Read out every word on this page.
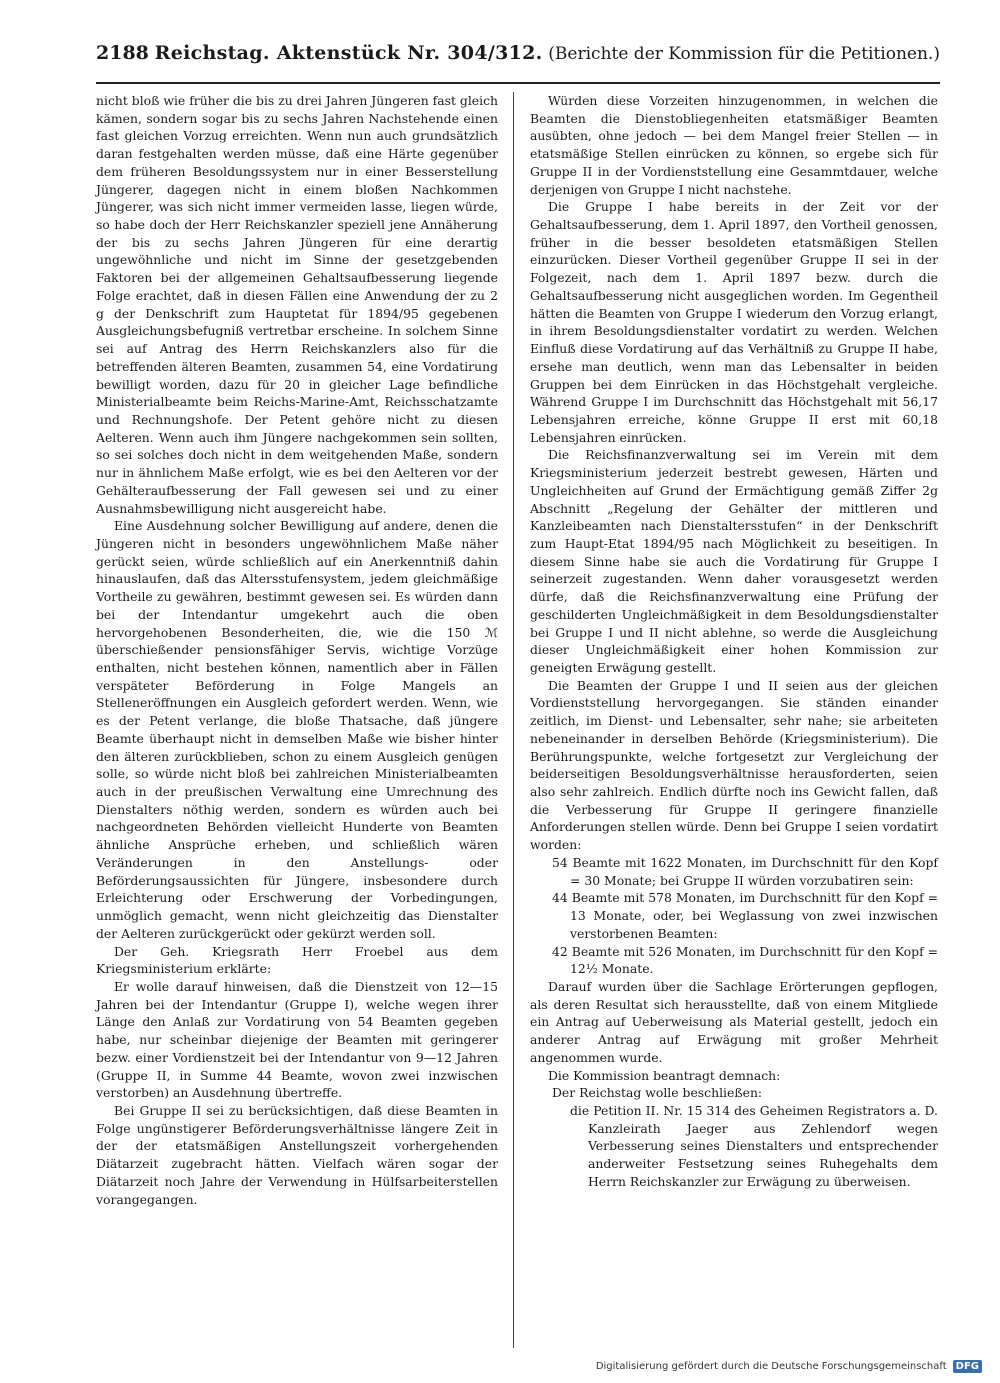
2188 Reichstag. Aktenstück Nr. 304/312. (Berichte der Kommission für die Petitionen.)

nicht bloß wie früher die bis zu drei Jahren Jüngeren fast gleich kämen, sondern sogar bis zu sechs Jahren Nachstehende einen fast gleichen Vorzug erreichten. Wenn nun auch grundsätzlich daran festgehalten werden müsse, daß eine Härte gegenüber dem früheren Besoldungssystem nur in einer Besserstellung Jüngerer, dagegen nicht in einem bloßen Nachkommen Jüngerer, was sich nicht immer vermeiden lasse, liegen würde, so habe doch der Herr Reichskanzler speziell jene Annäherung der bis zu sechs Jahren Jüngeren für eine derartig ungewöhnliche und nicht im Sinne der gesetzgebenden Faktoren bei der allgemeinen Gehaltsaufbesserung liegende Folge erachtet, daß in diesen Fällen eine Anwendung der zu 2 g der Denkschrift zum Hauptetat für 1894/95 gegebenen Ausgleichungsbefugniß vertretbar erscheine. In solchem Sinne sei auf Antrag des Herrn Reichskanzlers also für die betreffenden älteren Beamten, zusammen 54, eine Vordatirung bewilligt worden, dazu für 20 in gleicher Lage befindliche Ministerialbeamte beim Reichs-Marine-Amt, Reichsschatzamte und Rechnungshofe. Der Petent gehöre nicht zu diesen Aelteren. Wenn auch ihm Jüngere nachgekommen sein sollten, so sei solches doch nicht in dem weitgehenden Maße, sondern nur in ähnlichem Maße erfolgt, wie es bei den Aelteren vor der Gehälteraufbesserung der Fall gewesen sei und zu einer Ausnahmsbewilligung nicht ausgereicht habe.

Eine Ausdehnung solcher Bewilligung auf andere, denen die Jüngeren nicht in besonders ungewöhnlichem Maße näher gerückt seien, würde schließlich auf ein Anerkenntniß dahin hinauslaufen, daß das Altersstufensystem, jedem gleichmäßige Vortheile zu gewähren, bestimmt gewesen sei. Es würden dann bei der Intendantur umgekehrt auch die oben hervorgehobenen Besonderheiten, die, wie die 150 ℳ überschießender pensionsfähiger Servis, wichtige Vorzüge enthalten, nicht bestehen können, namentlich aber in Fällen verspäteter Beförderung in Folge Mangels an Stelleneröffnungen ein Ausgleich gefordert werden. Wenn, wie es der Petent verlange, die bloße Thatsache, daß jüngere Beamte überhaupt nicht in demselben Maße wie bisher hinter den älteren zurückblieben, schon zu einem Ausgleich genügen solle, so würde nicht bloß bei zahlreichen Ministerialbeamten auch in der preußischen Verwaltung eine Umrechnung des Dienstalters nöthig werden, sondern es würden auch bei nachgeordneten Behörden vielleicht Hunderte von Beamten ähnliche Ansprüche erheben, und schließlich wären Veränderungen in den Anstellungs- oder Beförderungsaussichten für Jüngere, insbesondere durch Erleichterung oder Erschwerung der Vorbedingungen, unmöglich gemacht, wenn nicht gleichzeitig das Dienstalter der Aelteren zurückgerückt oder gekürzt werden soll.

Der Geh. Kriegsrath Herr Froebel aus dem Kriegsministerium erklärte:

Er wolle darauf hinweisen, daß die Dienstzeit von 12—15 Jahren bei der Intendantur (Gruppe I), welche wegen ihrer Länge den Anlaß zur Vordatirung von 54 Beamten gegeben habe, nur scheinbar diejenige der Beamten mit geringerer bezw. einer Vordienstzeit bei der Intendantur von 9—12 Jahren (Gruppe II, in Summe 44 Beamte, wovon zwei inzwischen verstorben) an Ausdehnung übertreffe.

Bei Gruppe II sei zu berücksichtigen, daß diese Beamten in Folge ungünstigerer Beförderungsverhältnisse längere Zeit in der der etatsmäßigen Anstellungszeit vorhergehenden Diätarzeit zugebracht hätten. Vielfach wären sogar der Diätarzeit noch Jahre der Verwendung in Hülfsarbeiterstellen vorangegangen.

Würden diese Vorzeiten hinzugenommen, in welchen die Beamten die Dienstobliegenheiten etatsmäßiger Beamten ausübten, ohne jedoch — bei dem Mangel freier Stellen — in etatsmäßige Stellen einrücken zu können, so ergebe sich für Gruppe II in der Vordienststellung eine Gesammtdauer, welche derjenigen von Gruppe I nicht nachstehe.

Die Gruppe I habe bereits in der Zeit vor der Gehaltsaufbesserung, dem 1. April 1897, den Vortheil genossen, früher in die besser besoldeten etatsmäßigen Stellen einzurücken. Dieser Vortheil gegenüber Gruppe II sei in der Folgezeit, nach dem 1. April 1897 bezw. durch die Gehaltsaufbesserung nicht ausgeglichen worden. Im Gegentheil hätten die Beamten von Gruppe I wiederum den Vorzug erlangt, in ihrem Besoldungsdienstalter vordatirt zu werden. Welchen Einfluß diese Vordatirung auf das Verhältniß zu Gruppe II habe, ersehe man deutlich, wenn man das Lebensalter in beiden Gruppen bei dem Einrücken in das Höchstgehalt vergleiche. Während Gruppe I im Durchschnitt das Höchstgehalt mit 56,17 Lebensjahren erreiche, könne Gruppe II erst mit 60,18 Lebensjahren einrücken.

Die Reichsfinanzverwaltung sei im Verein mit dem Kriegsministerium jederzeit bestrebt gewesen, Härten und Ungleichheiten auf Grund der Ermächtigung gemäß Ziffer 2g Abschnitt „Regelung der Gehälter der mittleren und Kanzleibeamten nach Dienstaltersstufen“ in der Denkschrift zum Haupt-Etat 1894/95 nach Möglichkeit zu beseitigen. In diesem Sinne habe sie auch die Vordatirung für Gruppe I seinerzeit zugestanden. Wenn daher vorausgesetzt werden dürfe, daß die Reichsfinanzverwaltung eine Prüfung der geschilderten Ungleichmäßigkeit in dem Besoldungsdienstalter bei Gruppe I und II nicht ablehne, so werde die Ausgleichung dieser Ungleichmäßigkeit einer hohen Kommission zur geneigten Erwägung gestellt.

Die Beamten der Gruppe I und II seien aus der gleichen Vordienststellung hervorgegangen. Sie ständen einander zeitlich, im Dienst- und Lebensalter, sehr nahe; sie arbeiteten nebeneinander in derselben Behörde (Kriegsministerium). Die Berührungspunkte, welche fortgesetzt zur Vergleichung der beiderseitigen Besoldungsverhältnisse herausforderten, seien also sehr zahlreich. Endlich dürfte noch ins Gewicht fallen, daß die Verbesserung für Gruppe II geringere finanzielle Anforderungen stellen würde. Denn bei Gruppe I seien vordatirt worden:

54 Beamte mit 1622 Monaten, im Durchschnitt für den Kopf = 30 Monate; bei Gruppe II würden vorzubatiren sein:

44 Beamte mit 578 Monaten, im Durchschnitt für den Kopf = 13 Monate, oder, bei Weglassung von zwei inzwischen verstorbenen Beamten:

42 Beamte mit 526 Monaten, im Durchschnitt für den Kopf = 12½ Monate.

Darauf wurden über die Sachlage Erörterungen gepflogen, als deren Resultat sich herausstellte, daß von einem Mitgliede ein Antrag auf Ueberweisung als Material gestellt, jedoch ein anderer Antrag auf Erwägung mit großer Mehrheit angenommen wurde.

Die Kommission beantragt demnach:

Der Reichstag wolle beschließen:

die Petition II. Nr. 15 314 des Geheimen Registrators a. D. Kanzleirath Jaeger aus Zehlendorf wegen Verbesserung seines Dienstalters und entsprechender anderweiter Festsetzung seines Ruhegehalts dem Herrn Reichskanzler zur Erwägung zu überweisen.

Digitalisierung gefördert durch die Deutsche Forschungsgemeinschaft DFG
